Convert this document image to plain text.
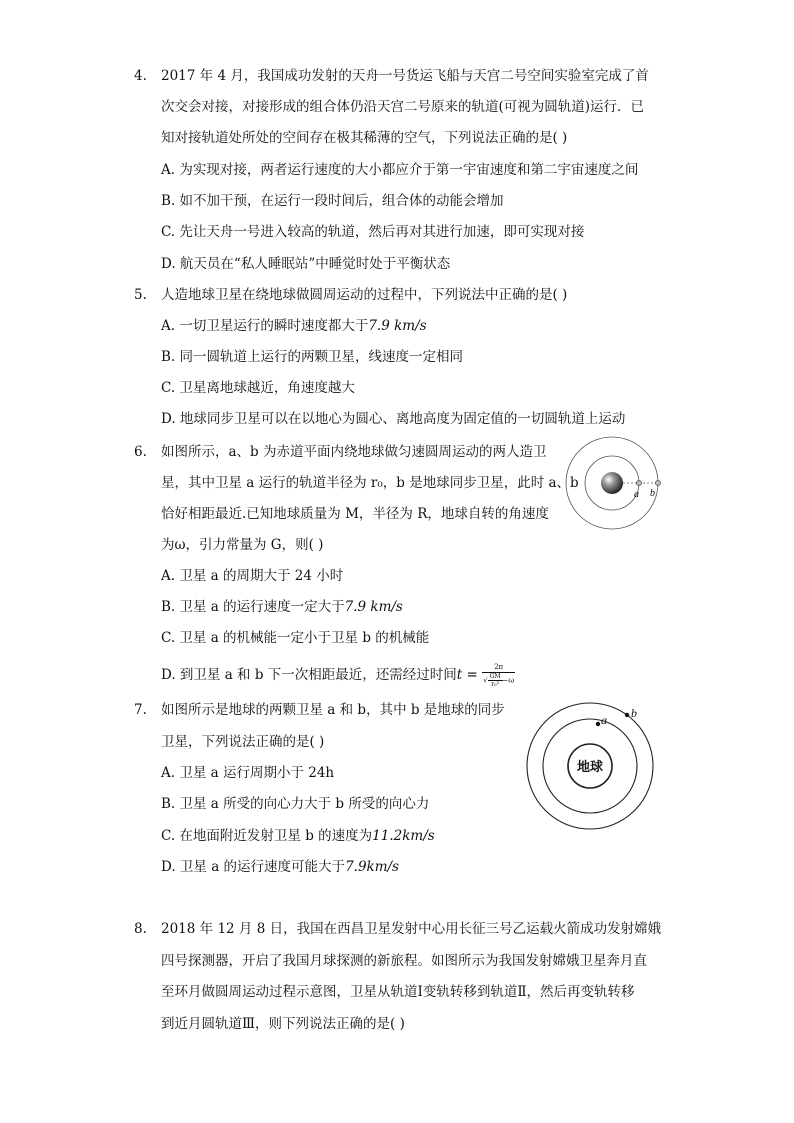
4. 2017 年 4 月，我国成功发射的天舟一号货运飞船与天宫二号空间实验室完成了首
次交会对接，对接形成的组合体仍沿天宫二号原来的轨道(可视为圆轨道)运行．已
知对接轨道处所处的空间存在极其稀薄的空气，下列说法正确的是( )
A. 为实现对接，两者运行速度的大小都应介于第一宇宙速度和第二宇宙速度之间
B. 如不加干预，在运行一段时间后，组合体的动能会增加
C. 先让天舟一号进入较高的轨道，然后再对其进行加速，即可实现对接
D. 航天员在“私人睡眠站”中睡觉时处于平衡状态
5. 人造地球卫星在绕地球做圆周运动的过程中，下列说法中正确的是( )
A. 一切卫星运行的瞬时速度都大于7.9 km/s
B. 同一圆轨道上运行的两颗卫星，线速度一定相同
C. 卫星离地球越近，角速度越大
D. 地球同步卫星可以在以地心为圆心、离地高度为固定值的一切圆轨道上运动
6. 如图所示，a、b 为赤道平面内绕地球做匀速圆周运动的两人造卫
星，其中卫星 a 运行的轨道半径为 r₀，b 是地球同步卫星，此时 a、b
恰好相距最近.已知地球质量为 M，半径为 R，地球自转的角速度
为ω，引力常量为 G，则( )
A. 卫星 a 的周期大于 24 小时
B. 卫星 a 的运行速度一定大于7.9 km/s
C. 卫星 a 的机械能一定小于卫星 b 的机械能
D. 到卫星 a 和 b 下一次相距最近，还需经过时间$t = \frac{2\pi}{√ \frac{GM}{\text{r₀³}} -\omega}$
a b
7. 如图所示是地球的两颗卫星 a 和 b，其中 b 是地球的同步
卫星，下列说法正确的是( )
A. 卫星 a 运行周期小于 24h
B. 卫星 a 所受的向心力大于 b 所受的向心力
C. 在地面附近发射卫星 b 的速度为11.2km/s
D. 卫星 a 的运行速度可能大于7.9km/s
地球
a b
8. 2018 年 12 月 8 日，我国在西昌卫星发射中心用长征三号乙运载火箭成功发射嫦娥
四号探测器，开启了我国月球探测的新旅程。如图所示为我国发射嫦娥卫星奔月直
至环月做圆周运动过程示意图，卫星从轨道Ⅰ变轨转移到轨道Ⅱ，然后再变轨转移
到近月圆轨道Ⅲ，则下列说法正确的是( )
